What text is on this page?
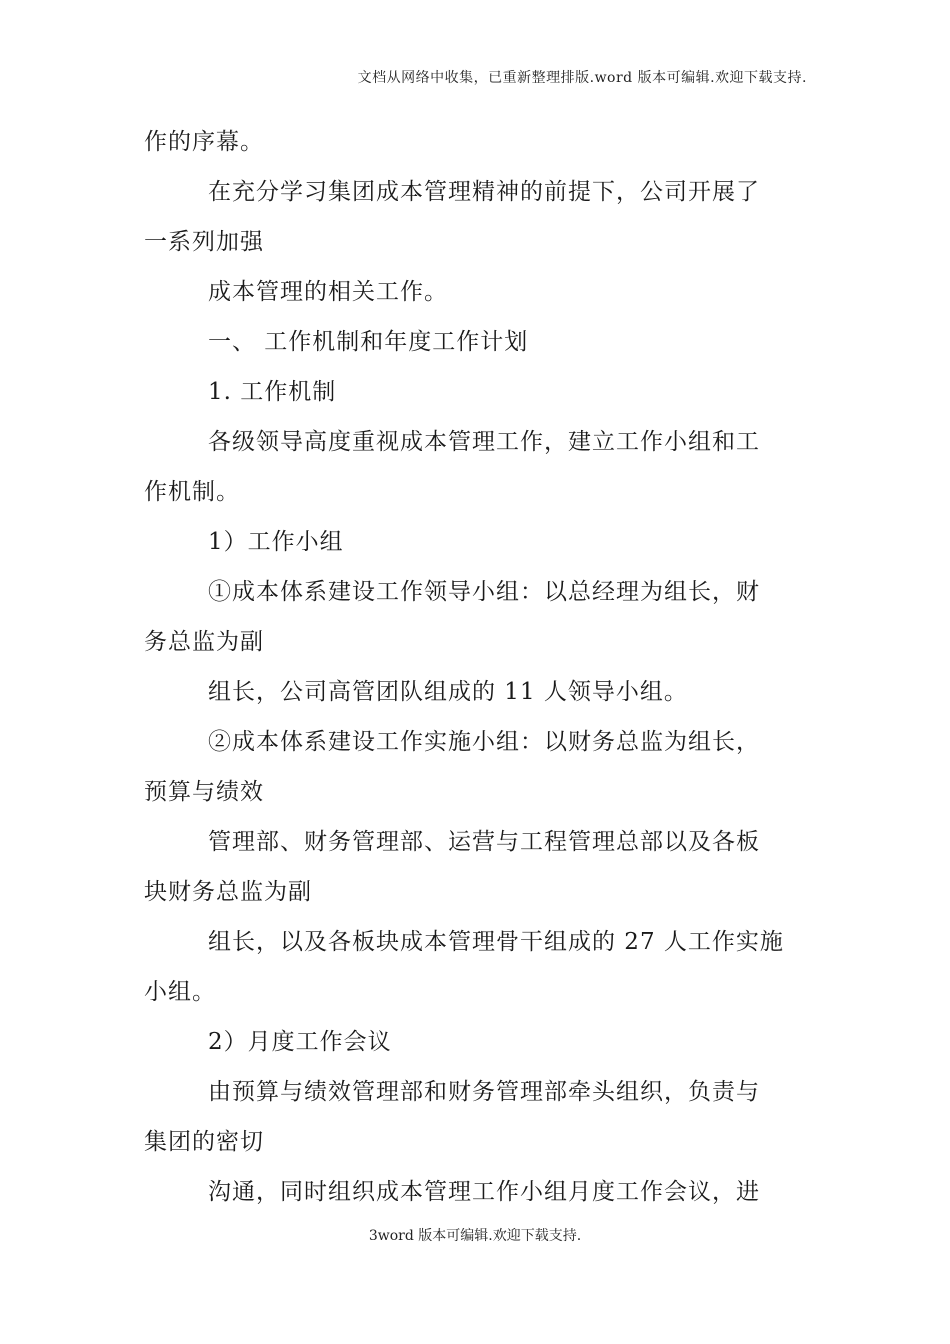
文档从网络中收集，已重新整理排版.word 版本可编辑.欢迎下载支持.
作的序幕。
在充分学习集团成本管理精神的前提下，公司开展了
一系列加强
成本管理的相关工作。
一、 工作机制和年度工作计划
1. 工作机制
各级领导高度重视成本管理工作，建立工作小组和工
作机制。
1）工作小组
①成本体系建设工作领导小组：以总经理为组长，财
务总监为副
组长，公司高管团队组成的 11 人领导小组。
②成本体系建设工作实施小组：以财务总监为组长，
预算与绩效
管理部、财务管理部、运营与工程管理总部以及各板
块财务总监为副
组长，以及各板块成本管理骨干组成的 27 人工作实施
小组。
2）月度工作会议
由预算与绩效管理部和财务管理部牵头组织，负责与
集团的密切
沟通，同时组织成本管理工作小组月度工作会议，进
3word 版本可编辑.欢迎下载支持.
